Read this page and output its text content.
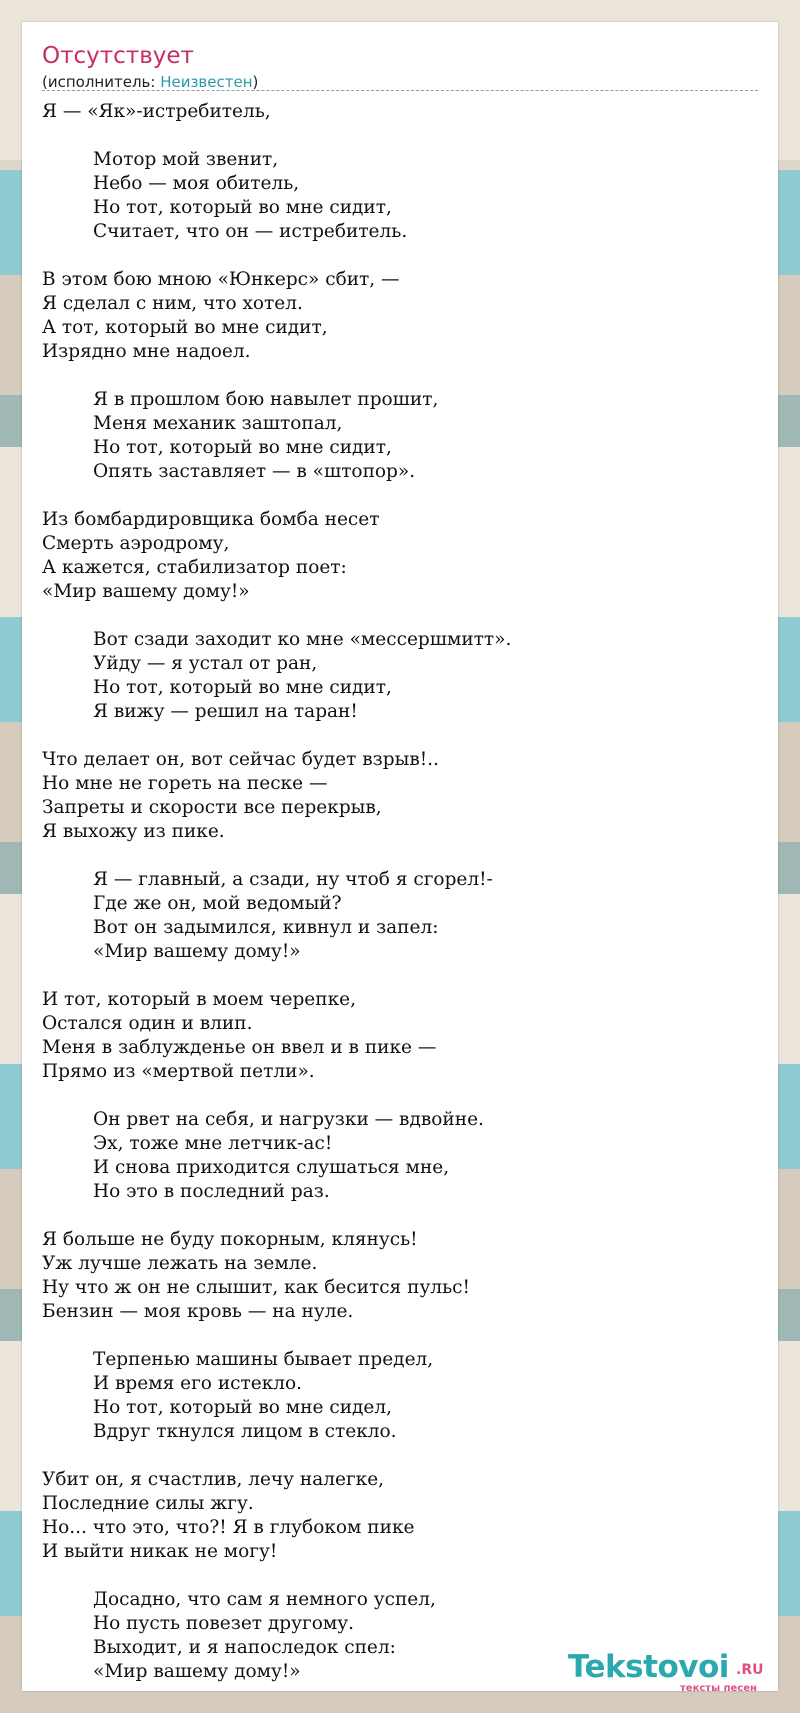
Отсутствует
(исполнитель: Неизвестен)
Я — «Як»-истребитель,
Мотор мой звенит,
Небо — моя обитель,
Но тот, который во мне сидит,
Считает, что он — истребитель.
В этом бою мною «Юнкерс» сбит, —
Я сделал с ним, что хотел.
А тот, который во мне сидит,
Изрядно мне надоел.
Я в прошлом бою навылет прошит,
Меня механик заштопал,
Но тот, который во мне сидит,
Опять заставляет — в «штопор».
Из бомбардировщика бомба несет
Смерть аэродрому,
А кажется, стабилизатор поет:
«Мир вашему дому!»
Вот сзади заходит ко мне «мессершмитт».
Уйду — я устал от ран,
Но тот, который во мне сидит,
Я вижу — решил на таран!
Что делает он, вот сейчас будет взрыв!..
Но мне не гореть на песке —
Запреты и скорости все перекрыв,
Я выхожу из пике.
Я — главный, а сзади, ну чтоб я сгорел!-
Где же он, мой ведомый?
Вот он задымился, кивнул и запел:
«Мир вашему дому!»
И тот, который в моем черепке,
Остался один и влип.
Меня в заблужденье он ввел и в пике —
Прямо из «мертвой петли».
Он рвет на себя, и нагрузки — вдвойне.
Эх, тоже мне летчик-ас!
И снова приходится слушаться мне,
Но это в последний раз.
Я больше не буду покорным, клянусь!
Уж лучше лежать на земле.
Ну что ж он не слышит, как бесится пульс!
Бензин — моя кровь — на нуле.
Терпенью машины бывает предел,
И время его истекло.
Но тот, который во мне сидел,
Вдруг ткнулся лицом в стекло.
Убит он, я счастлив, лечу налегке,
Последние силы жгу.
Но... что это, что?! Я в глубоком пике
И выйти никак не могу!
Досадно, что сам я немного успел,
Но пусть повезет другому.
Выходит, и я напоследок спел:
«Мир вашему дому!»	Tekstovoi .RU
тексты песен
